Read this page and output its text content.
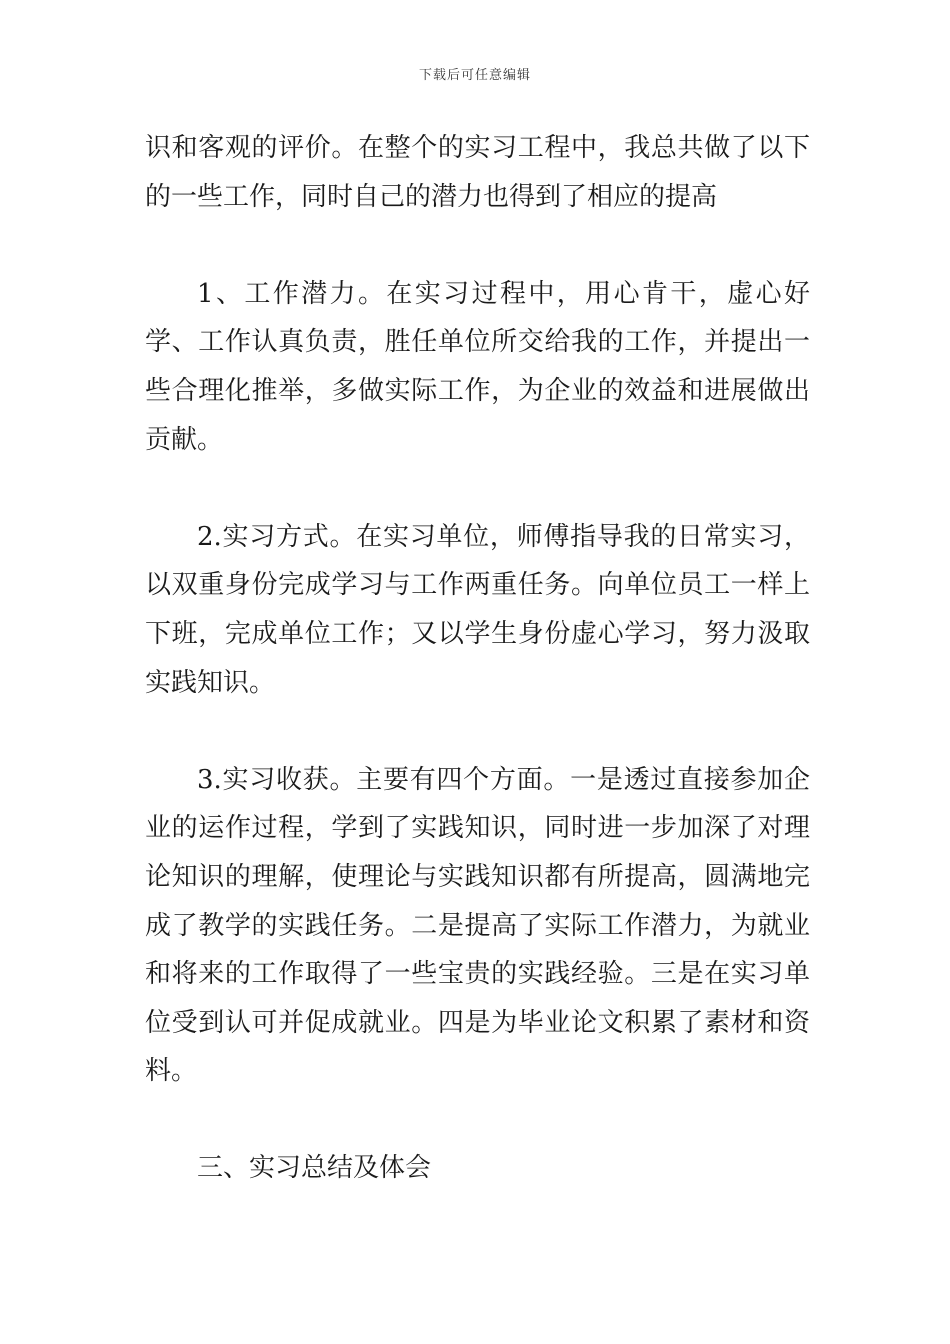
下载后可任意编辑

识和客观的评价。在整个的实习工程中，我总共做了以下的一些工作，同时自己的潜力也得到了相应的提高

1、工作潜力。在实习过程中，用心肯干，虚心好学、工作认真负责，胜任单位所交给我的工作，并提出一些合理化推举，多做实际工作，为企业的效益和进展做出贡献。

2.实习方式。在实习单位，师傅指导我的日常实习，以双重身份完成学习与工作两重任务。向单位员工一样上下班，完成单位工作；又以学生身份虚心学习，努力汲取实践知识。

3.实习收获。主要有四个方面。一是透过直接参加企业的运作过程，学到了实践知识，同时进一步加深了对理论知识的理解，使理论与实践知识都有所提高，圆满地完成了教学的实践任务。二是提高了实际工作潜力，为就业和将来的工作取得了一些宝贵的实践经验。三是在实习单位受到认可并促成就业。四是为毕业论文积累了素材和资料。

三、实习总结及体会
